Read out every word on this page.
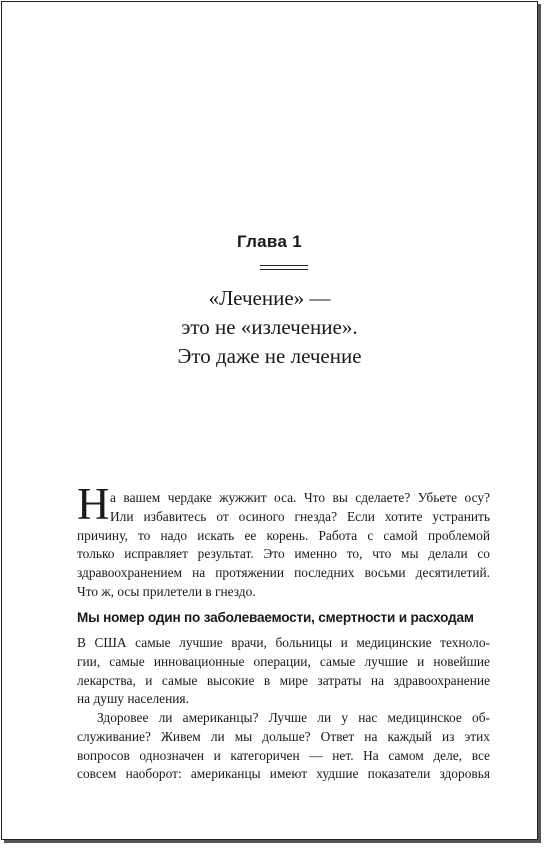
Глава 1
«Лечение» —
это не «излечение».
Это даже не лечение
Н а вашем чердаке жужжит оса. Что вы сделаете? Убьете осу?
Или избавитесь от осиного гнезда? Если хотите устранить
причину, то надо искать ее корень. Работа с самой проблемой
только исправляет результат. Это именно то, что мы делали со
здравоохранением на протяжении последних восьми десятилетий.
Что ж, осы прилетели в гнездо.
Мы номер один по заболеваемости, смертности и расходам
В США самые лучшие врачи, больницы и медицинские техноло-
гии, самые инновационные операции, самые лучшие и новейшие
лекарства, и самые высокие в мире затраты на здравоохранение
на душу населения.
Здоровее ли американцы? Лучше ли у нас медицинское об-
служивание? Живем ли мы дольше? Ответ на каждый из этих
вопросов однозначен и категоричен — нет. На самом деле, все
совсем наоборот: американцы имеют худшие показатели здоровья
